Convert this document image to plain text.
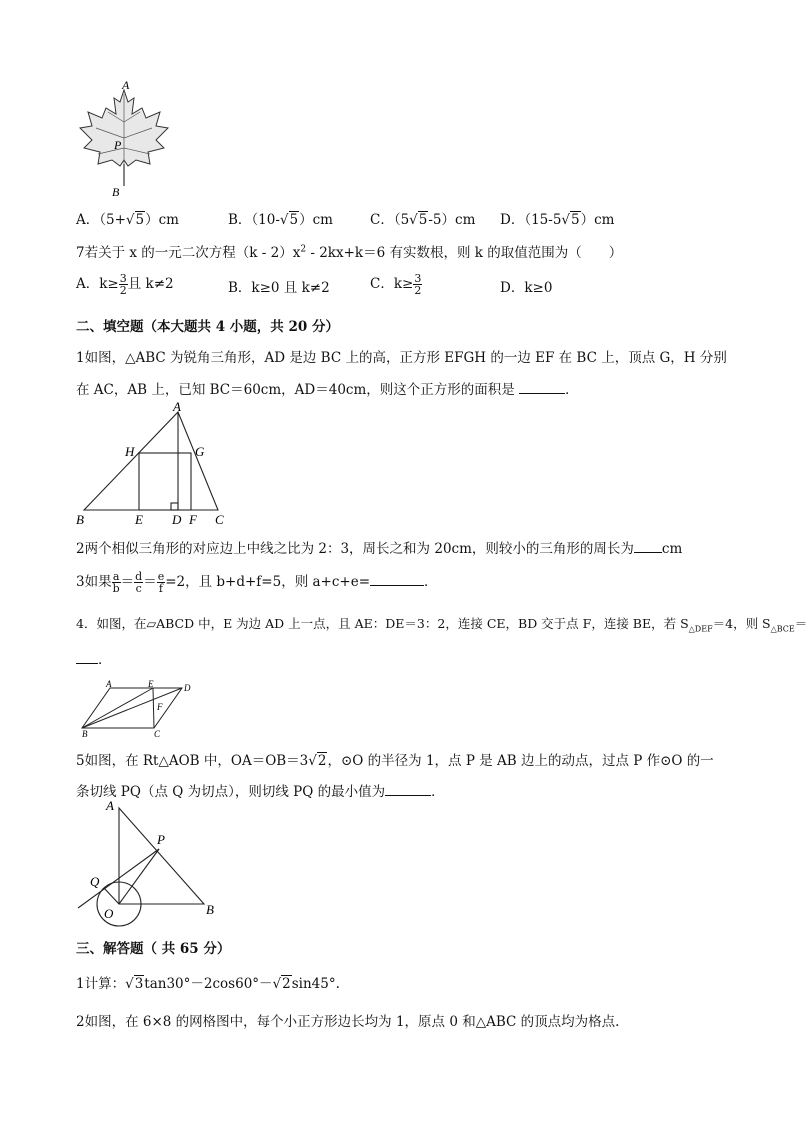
A
P
B
A．（5+√5）cm	B．（10-√5）cm	C．（5√5-5）cm D．（15-5√5）cm
7若关于 x 的一元二次方程$(k - 2)x^2 - 2kx+k=6$ 有实数根，则 k 的取值范围为（　　）
A．$k\ge \frac{3}{2}$ 且 k≠2	B．k≥0 且 k≠2	C．$k\ge \frac{3}{2}$	D．k≥0
二、填空题（本大题共 4 小题，共 20 分）
1如图，△ABC 为锐角三角形，AD 是边 BC 上的高，正方形 EFGH 的一边 EF 在 BC 上，顶点 G，H 分别
在 AC，AB 上，已知 BC＝60cm，AD＝40cm，则这个正方形的面积是	．
A
H	G
B	E D F C
2两个相似三角形的对应边上中线之比为 2：3，周长之和为 20cm，则较小的三角形的周长为 cm
3如果 $\frac{a}{b} = \frac{d}{c} = \frac{e}{f} =2$，且 b+d+f=5，则 a+c+e=	．
4．如图，在▱ABCD 中，E 为边 AD 上一点，且 AE：DE＝3：2，连接 CE，BD 交于点 F，连接 BE，若 $S_{\triangle DEF}=4$，则 $S_{\triangle BCE}=$
．
A	E	D
F
B	C
5如图，在 Rt△AOB 中，OA＝OB＝3√2，⊙O 的半径为 1，点 P 是 AB 边上的动点，过点 P 作⊙O 的一
条切线 PQ（点 Q 为切点），则切线 PQ 的最小值为	．
A
P
Q
O	B
三、解答题（ 共 65 分）
1计算：√3tan30°－2cos60°－√2sin45°.
2如图，在 6×8 的网格图中，每个小正方形边长均为 1，原点 0 和△ABC 的顶点均为格点.
